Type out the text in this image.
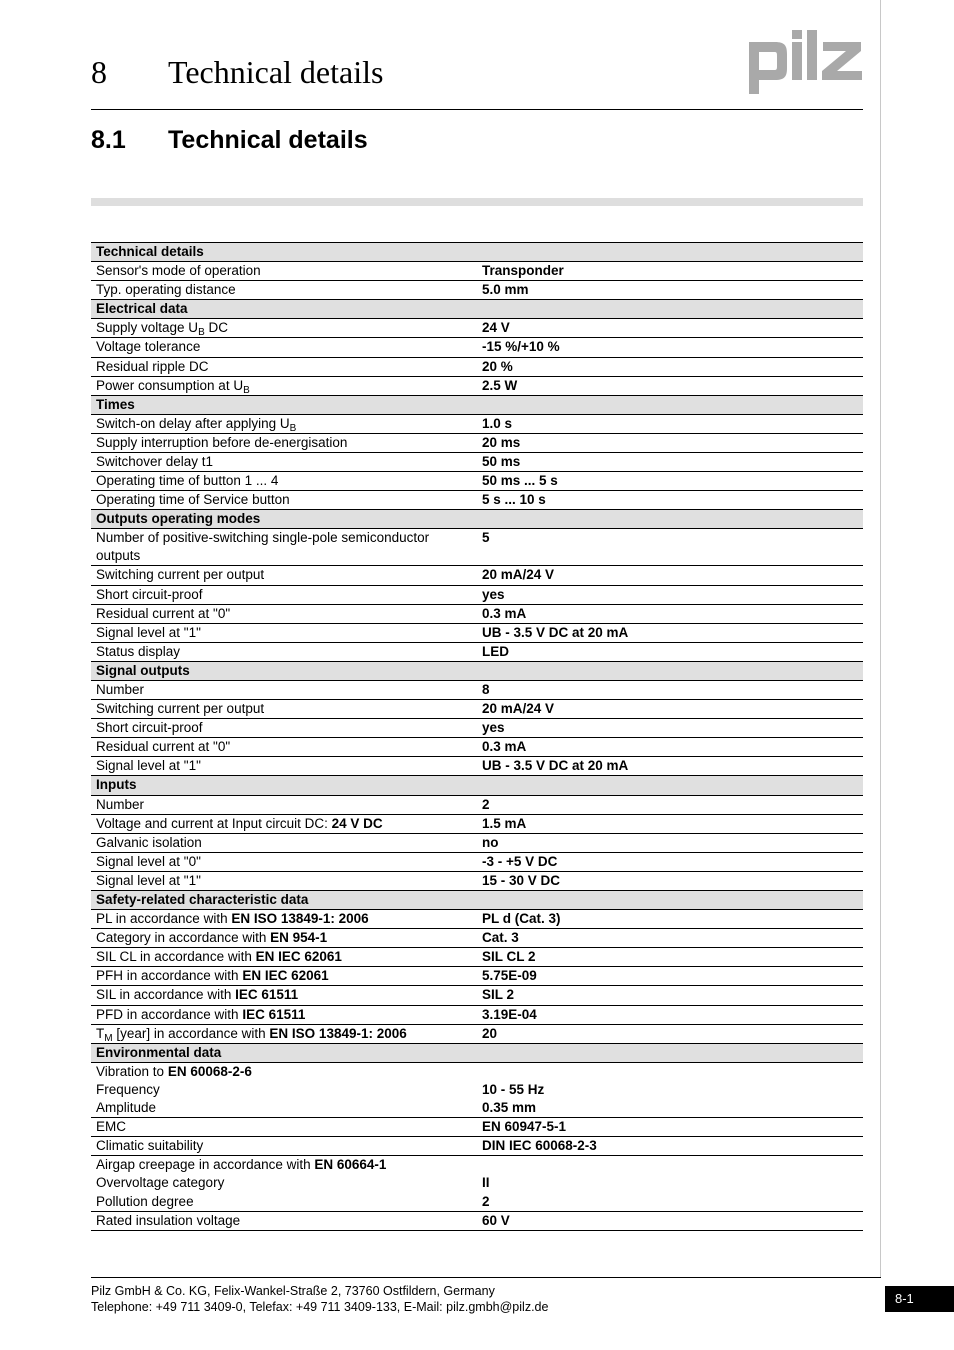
8 Technical details
8.1 Technical details
Technical details	
Sensor's mode of operation	Transponder
Typ. operating distance	5.0 mm
Electrical data	
Supply voltage $U_B$ DC	24 V
Voltage tolerance	-15 %/+10 %
Residual ripple DC	20 %
Power consumption at $U_B$	2.5 W
Times	
Switch-on delay after applying $U_B$	1.0 s
Supply interruption before de-energisation	20 ms
Switchover delay t1	50 ms
Operating time of button 1 ... 4	50 ms ... 5 s
Operating time of Service button	5 s ... 10 s
Outputs operating modes	
Number of positive-switching single-pole semiconductor outputs	5
Switching current per output	20 mA/24 V
Short circuit-proof	yes
Residual current at "0"	0.3 mA
Signal level at "1"	UB - 3.5 V DC at 20 mA
Status display	LED
Signal outputs	
Number	8
Switching current per output	20 mA/24 V
Short circuit-proof	yes
Residual current at "0"	0.3 mA
Signal level at "1"	UB - 3.5 V DC at 20 mA
Inputs	
Number	2
Voltage and current at Input circuit DC: 24 V DC	1.5 mA
Galvanic isolation	no
Signal level at "0"	-3 - +5 V DC
Signal level at "1"	15 - 30 V DC
Safety-related characteristic data	
PL in accordance with EN ISO 13849-1: 2006	PL d (Cat. 3)
Category in accordance with EN 954-1	Cat. 3
SIL CL in accordance with EN IEC 62061	SIL CL 2
PFH in accordance with EN IEC 62061	5.75E-09
SIL in accordance with IEC 61511	SIL 2
PFD in accordance with IEC 61511	3.19E-04
$T_M$ [year] in accordance with EN ISO 13849-1: 2006	20
Environmental data	
Vibration to EN 60068-2-6	
Frequency	10 - 55 Hz
Amplitude	0.35 mm
EMC	EN 60947-5-1
Climatic suitability	DIN IEC 60068-2-3
Airgap creepage in accordance with EN 60664-1	
Overvoltage category	II
Pollution degree	2
Rated insulation voltage	60 V
Pilz GmbH & Co. KG, Felix-Wankel-Straße 2, 73760 Ostfildern, Germany
Telephone: +49 711 3409-0, Telefax: +49 711 3409-133, E-Mail: pilz.gmbh@pilz.de
8-1
